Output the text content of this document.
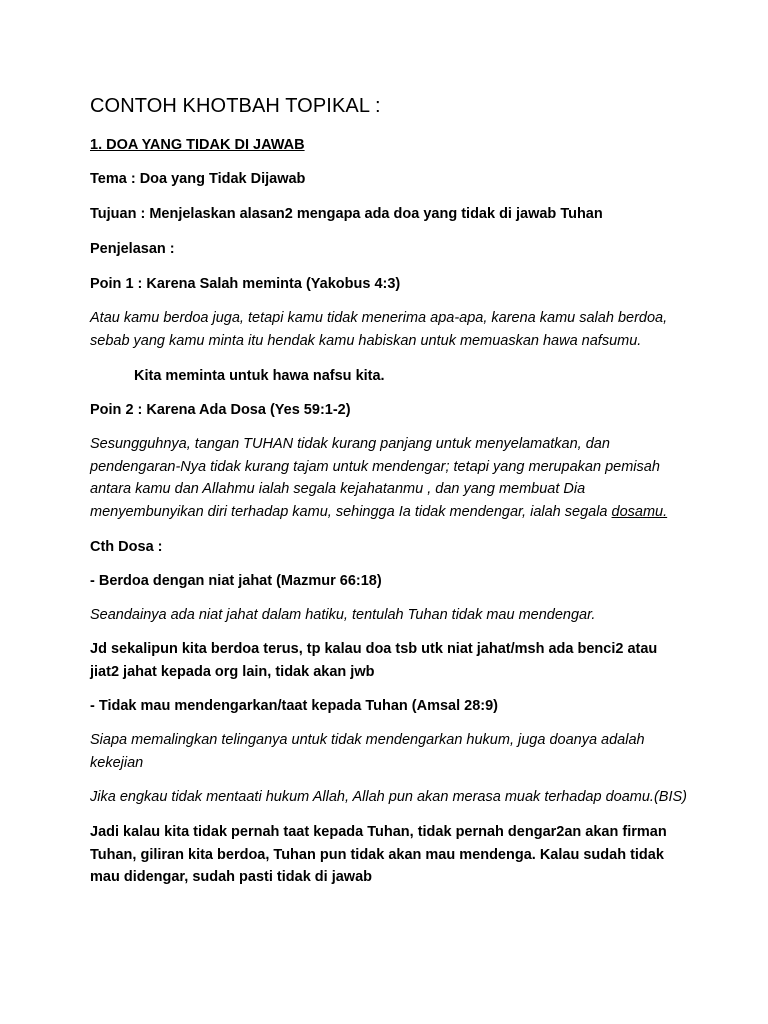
CONTOH KHOTBAH TOPIKAL :
1. DOA YANG TIDAK DI JAWAB
Tema : Doa yang Tidak Dijawab
Tujuan : Menjelaskan alasan2 mengapa ada doa yang tidak di jawab Tuhan
Penjelasan :
Poin 1 : Karena Salah meminta (Yakobus 4:3)
Atau kamu berdoa juga, tetapi kamu tidak menerima apa-apa, karena kamu salah berdoa, sebab yang kamu minta itu hendak kamu habiskan untuk memuaskan hawa nafsumu.
Kita meminta untuk hawa nafsu kita.
Poin 2 : Karena Ada Dosa (Yes 59:1-2)
Sesungguhnya, tangan TUHAN tidak kurang panjang untuk menyelamatkan, dan pendengaran-Nya tidak kurang tajam untuk mendengar; tetapi yang merupakan pemisah antara kamu dan Allahmu ialah segala kejahatanmu , dan yang membuat Dia menyembunyikan diri terhadap kamu, sehingga Ia tidak mendengar, ialah segala dosamu.
Cth Dosa :
- Berdoa dengan niat jahat (Mazmur 66:18)
Seandainya ada niat jahat dalam hatiku, tentulah Tuhan tidak mau mendengar.
Jd sekalipun kita berdoa terus, tp kalau doa tsb utk niat jahat/msh ada benci2 atau jiat2 jahat kepada org lain, tidak akan jwb
- Tidak mau mendengarkan/taat kepada Tuhan (Amsal 28:9)
Siapa memalingkan telinganya untuk tidak mendengarkan hukum, juga doanya adalah kekejian
Jika engkau tidak mentaati hukum Allah, Allah pun akan merasa muak terhadap doamu.(BIS)
Jadi kalau kita tidak pernah taat kepada Tuhan, tidak pernah dengar2an akan firman Tuhan, giliran kita berdoa, Tuhan pun tidak akan mau mendenga. Kalau sudah tidak mau didengar, sudah pasti tidak di jawab
